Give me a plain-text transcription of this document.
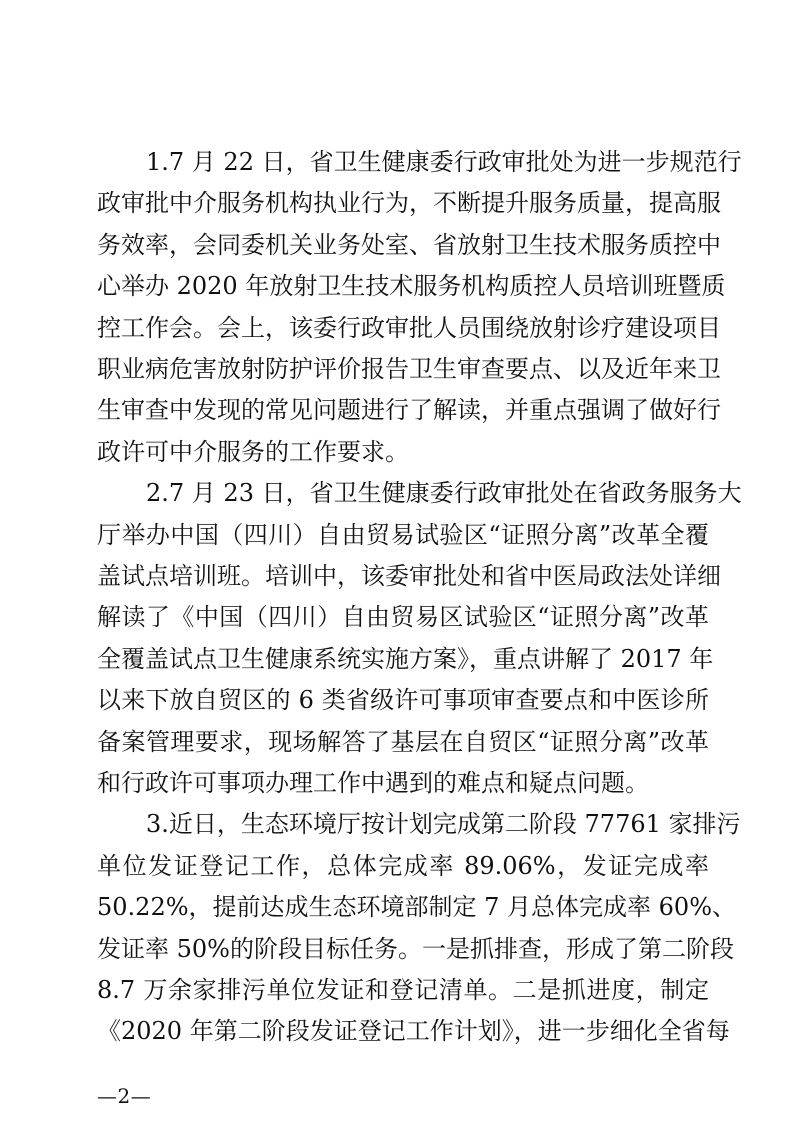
1.7 月 22 日，省卫生健康委行政审批处为进一步规范行
政审批中介服务机构执业行为，不断提升服务质量，提高服
务效率，会同委机关业务处室、省放射卫生技术服务质控中
心举办 2020 年放射卫生技术服务机构质控人员培训班暨质
控工作会。会上，该委行政审批人员围绕放射诊疗建设项目
职业病危害放射防护评价报告卫生审查要点、以及近年来卫
生审查中发现的常见问题进行了解读，并重点强调了做好行
政许可中介服务的工作要求。
2.7 月 23 日，省卫生健康委行政审批处在省政务服务大
厅举办中国（四川）自由贸易试验区“证照分离”改革全覆
盖试点培训班。培训中，该委审批处和省中医局政法处详细
解读了《中国（四川）自由贸易区试验区“证照分离”改革
全覆盖试点卫生健康系统实施方案》，重点讲解了 2017 年
以来下放自贸区的 6 类省级许可事项审查要点和中医诊所
备案管理要求，现场解答了基层在自贸区“证照分离”改革
和行政许可事项办理工作中遇到的难点和疑点问题。
3.近日，生态环境厅按计划完成第二阶段 77761 家排污
单位发证登记工作，总体完成率 89.06%，发证完成率
50.22%，提前达成生态环境部制定 7 月总体完成率 60%、
发证率 50%的阶段目标任务。一是抓排查，形成了第二阶段
8.7 万余家排污单位发证和登记清单。二是抓进度，制定
《2020 年第二阶段发证登记工作计划》，进一步细化全省每
—2—
